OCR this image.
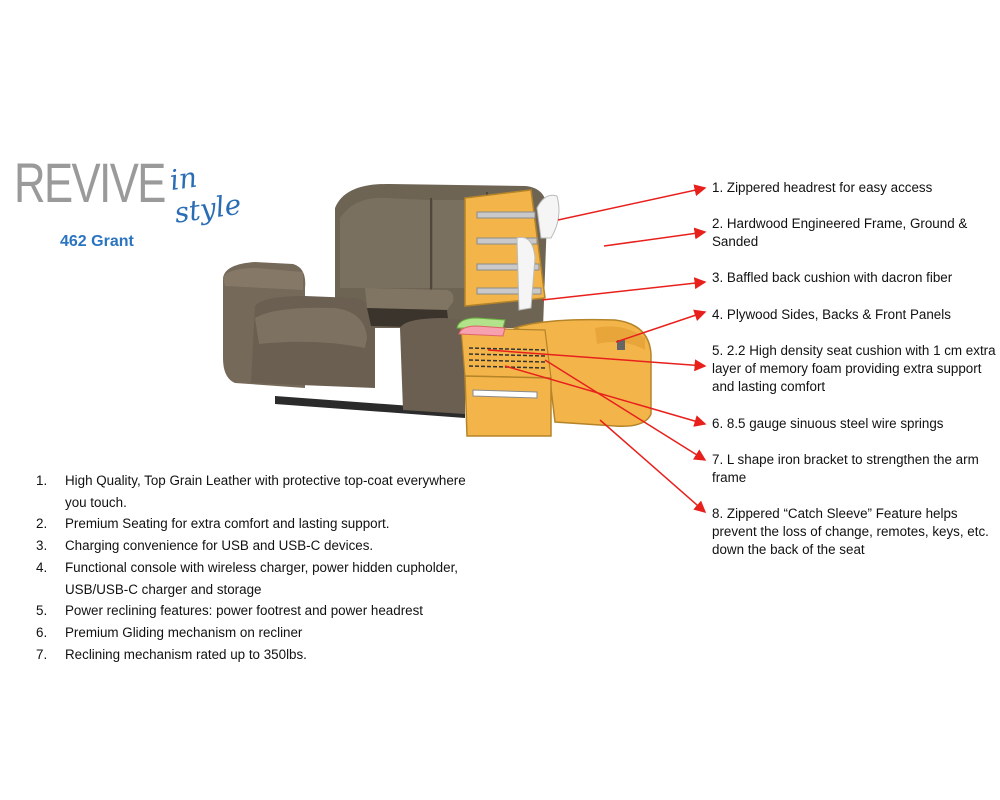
REVIVE in style
462 Grant
1. Zippered headrest for easy access
2. Hardwood Engineered Frame, Ground & Sanded
3. Baffled back cushion with dacron fiber
4. Plywood Sides, Backs & Front Panels
5. 2.2 High density seat cushion with 1 cm extra layer of memory foam providing extra support and lasting comfort
6. 8.5 gauge sinuous steel wire springs
7. L shape iron bracket to strengthen the arm frame
8. Zippered “Catch Sleeve” Feature helps prevent the loss of change, remotes, keys, etc. down the back of the seat
1. High Quality, Top Grain Leather with protective top-coat everywhere you touch.
2. Premium Seating for extra comfort and lasting support.
3. Charging convenience for USB and USB-C devices.
4. Functional console with wireless charger, power hidden cupholder, USB/USB-C charger and storage
5. Power reclining features: power footrest and power headrest
6. Premium Gliding mechanism on recliner
7. Reclining mechanism rated up to 350lbs.
